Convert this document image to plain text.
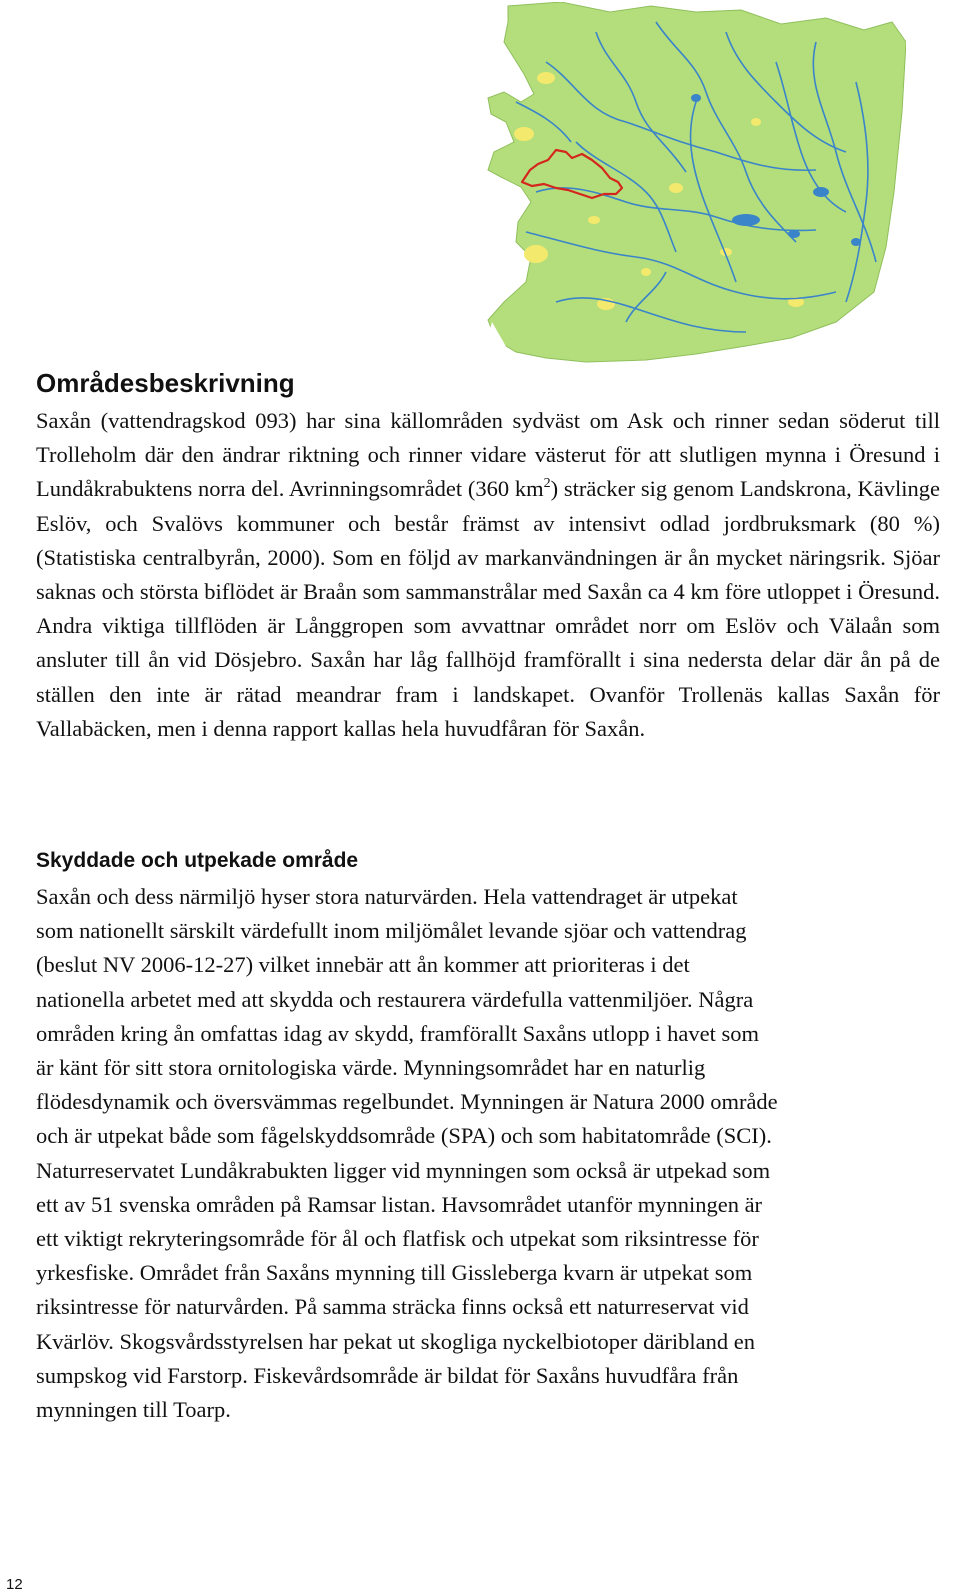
Områdesbeskrivning

Saxån (vattendragskod 093) har sina källområden sydväst om Ask och rinner sedan söderut till Trolleholm där den ändrar riktning och rinner vidare västerut för att slutligen mynna i Öresund i Lundåkrabuktens norra del. Avrinningsområdet (360 $km^2$) sträcker sig genom Landskrona, Kävlinge Eslöv, och Svalövs kommuner och består främst av intensivt odlad jordbruksmark (80 %) (Statistiska centralbyrån, 2000). Som en följd av markanvändningen är ån mycket näringsrik. Sjöar saknas och största biflödet är Braån som sammanstrålar med Saxån ca 4 km före utloppet i Öresund. Andra viktiga tillflöden är Långgropen som avvattnar området norr om Eslöv och Välaån som ansluter till ån vid Dösjebro. Saxån har låg fallhöjd framförallt i sina nedersta delar där ån på de ställen den inte är rätad meandrar fram i landskapet. Ovanför Trollenäs kallas Saxån för Vallabäcken, men i denna rapport kallas hela huvudfåran för Saxån.

Skyddade och utpekade område
Saxån och dess närmiljö hyser stora naturvärden. Hela vattendraget är utpekat
som nationellt särskilt värdefullt inom miljömålet levande sjöar och vattendrag
(beslut NV 2006-12-27) vilket innebär att ån kommer att prioriteras i det
nationella arbetet med att skydda och restaurera värdefulla vattenmiljöer. Några
områden kring ån omfattas idag av skydd, framförallt Saxåns utlopp i havet som
är känt för sitt stora ornitologiska värde. Mynningsområdet har en naturlig
flödesdynamik och översvämmas regelbundet. Mynningen är Natura 2000 område
och är utpekat både som fågelskyddsområde (SPA) och som habitatområde (SCI).
Naturreservatet Lundåkrabukten ligger vid mynningen som också är utpekad som
ett av 51 svenska områden på Ramsar listan. Havsområdet utanför mynningen är
ett viktigt rekryteringsområde för ål och flatfisk och utpekat som riksintresse för
yrkesfiske. Området från Saxåns mynning till Gissleberga kvarn är utpekat som
riksintresse för naturvården. På samma sträcka finns också ett naturreservat vid
Kvärlöv. Skogsvårdsstyrelsen har pekat ut skogliga nyckelbiotoper däribland en
sumpskog vid Farstorp. Fiskevårdsområde är bildat för Saxåns huvudfåra från
mynningen till Toarp.
12
